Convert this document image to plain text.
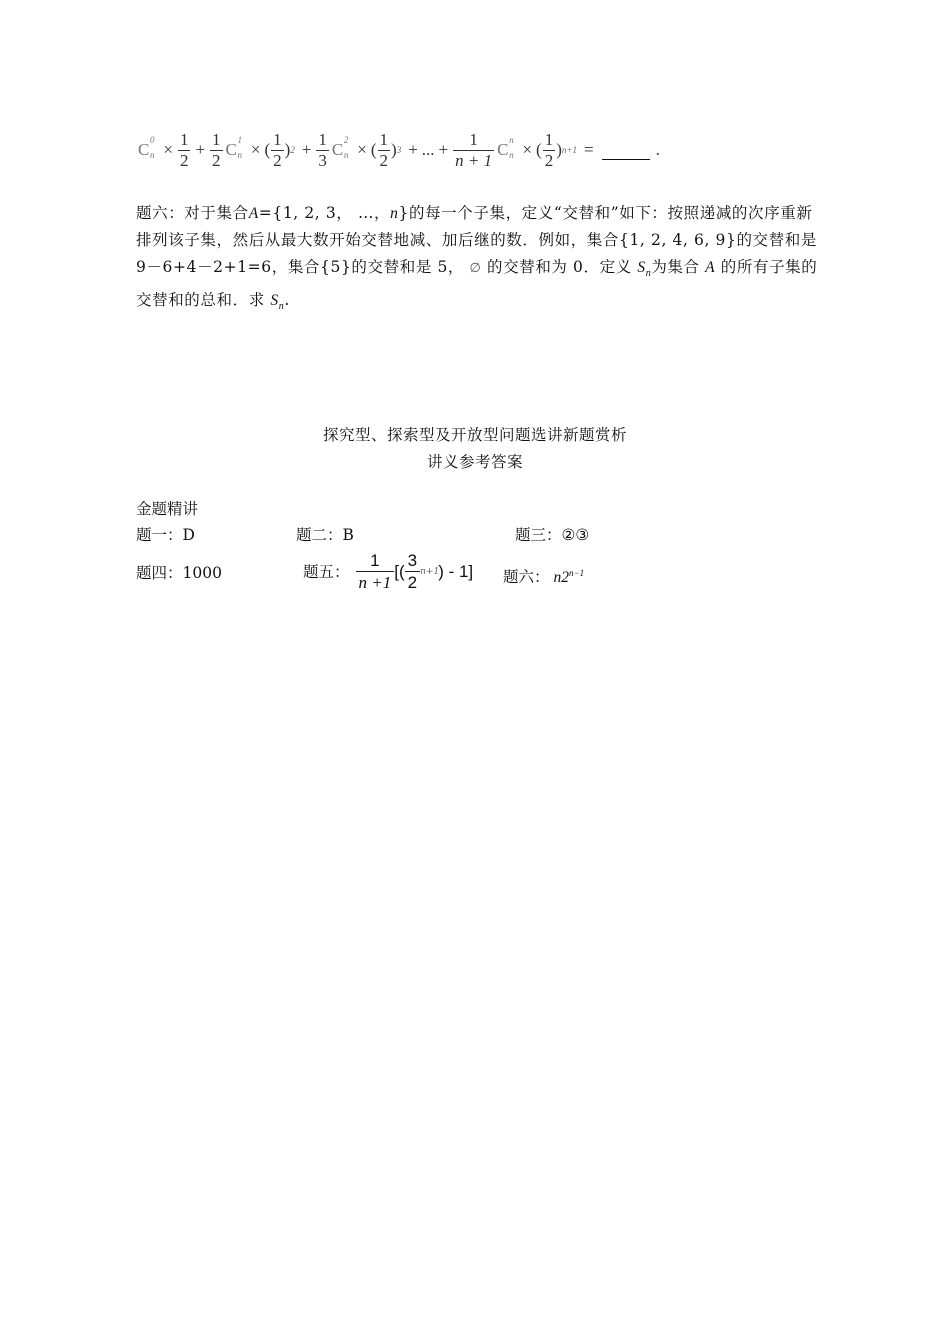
C 0
$n \times \frac{1}{2} + \frac{1}{2}$ C 1
n × ( $\frac{1}{2}$ ) $2 + \frac{1}{3}$ C 2
n × ( $\frac{1}{2}$ ) 3 + ... + $\frac{1}{n + 1}$ C n
n × ( $\frac{1}{2}$ ) n+1 =	.
题六：对于集合A={1, 2, 3， …，n}的每一个子集，定义“交替和”如下：按照递减的次序重新排列该子集，然后从最大数开始交替地减、加后继的数．例如，集合{1, 2, 4, 6, 9}的交替和是 9－6+4－2+1=6，集合{5}的交替和是 5， ∅ 的交替和为 0．定义 $S_n$为集合 A 的所有子集的交替和的总和．求 $S_n$.
探究型、探索型及开放型问题选讲新题赏析
讲义参考答案
金题精讲
题一：D	题二：B	题三：②③
题四：1000	题五： $\frac{1}{n +1}$ [( $\frac{3}{2} n+1$ ) - 1] 题六： $n2^{n-1}$
